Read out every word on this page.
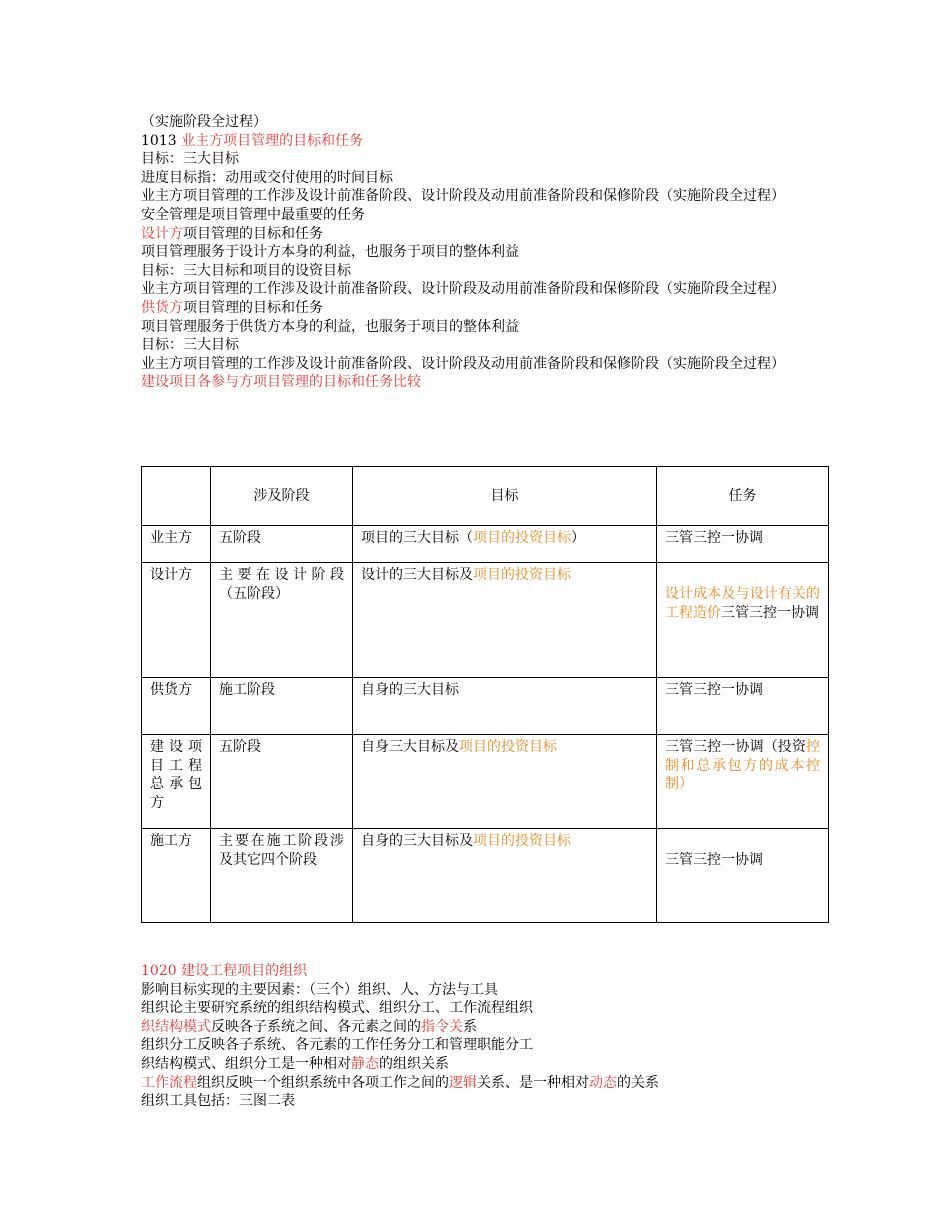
（实施阶段全过程）
1013 业主方项目管理的目标和任务
目标：三大目标
进度目标指：动用或交付使用的时间目标
业主方项目管理的工作涉及设计前准备阶段、设计阶段及动用前准备阶段和保修阶段（实施阶段全过程）
安全管理是项目管理中最重要的任务
设计方项目管理的目标和任务
项目管理服务于设计方本身的利益，也服务于项目的整体利益
目标：三大目标和项目的设资目标
业主方项目管理的工作涉及设计前准备阶段、设计阶段及动用前准备阶段和保修阶段（实施阶段全过程）
供货方项目管理的目标和任务
项目管理服务于供货方本身的利益，也服务于项目的整体利益
目标：三大目标
业主方项目管理的工作涉及设计前准备阶段、设计阶段及动用前准备阶段和保修阶段（实施阶段全过程）
建设项目各参与方项目管理的目标和任务比较
	涉及阶段	目标	任务
业主方	五阶段	项目的三大目标（项目的投资目标）	三管三控一协调
设计方	主要在设计阶段（五阶段）	设计的三大目标及项目的投资目标	设计成本及与设计有关的工程造价三管三控一协调
供货方	施工阶段	自身的三大目标	三管三控一协调
建设项目工程总承包方	五阶段	自身三大目标及项目的投资目标	三管三控一协调（投资控制和总承包方的成本控制）
施工方	主要在施工阶段涉及其它四个阶段	自身的三大目标及项目的投资目标	三管三控一协调
1020 建设工程项目的组织
影响目标实现的主要因素：（三个）组织、人、方法与工具
组织论主要研究系统的组织结构模式、组织分工、工作流程组织
织结构模式反映各子系统之间、各元素之间的指令关系
组织分工反映各子系统、各元素的工作任务分工和管理职能分工
织结构模式、组织分工是一种相对静态的组织关系
工作流程组织反映一个组织系统中各项工作之间的逻辑关系、是一种相对动态的关系
组织工具包括：三图二表
